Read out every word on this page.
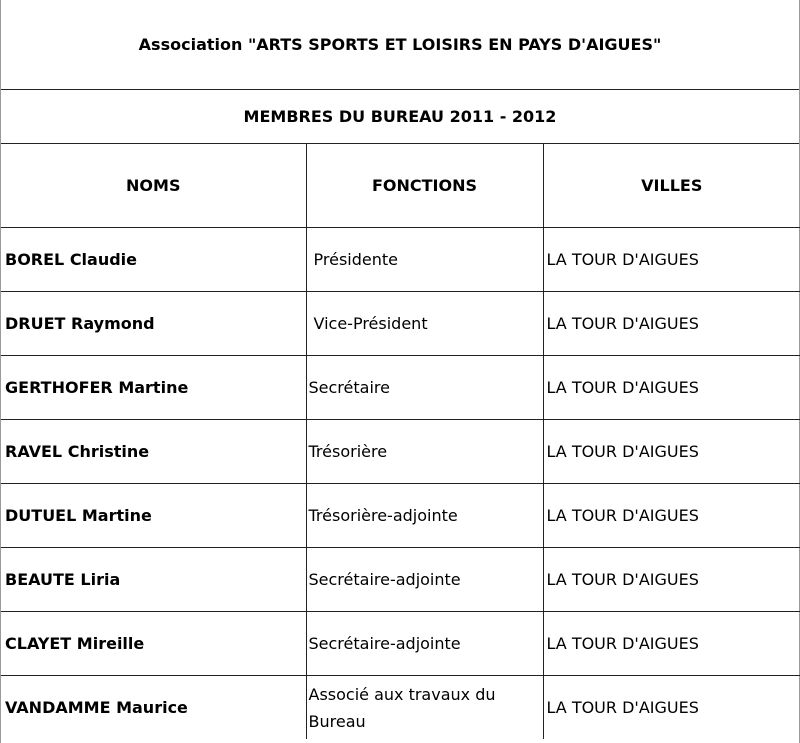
Association "ARTS SPORTS ET LOISIRS EN PAYS D'AIGUES"
MEMBRES DU BUREAU 2011 - 2012
NOMS	FONCTIONS	VILLES
BOREL Claudie	Présidente	LA TOUR D'AIGUES
DRUET Raymond	Vice-Président	LA TOUR D'AIGUES
GERTHOFER Martine	Secrétaire	LA TOUR D'AIGUES
RAVEL Christine	Trésorière	LA TOUR D'AIGUES
DUTUEL Martine	Trésorière-adjointe	LA TOUR D'AIGUES
BEAUTE Liria	Secrétaire-adjointe	LA TOUR D'AIGUES
CLAYET Mireille	Secrétaire-adjointe	LA TOUR D'AIGUES
VANDAMME Maurice	Associé aux travaux du Bureau	LA TOUR D'AIGUES
